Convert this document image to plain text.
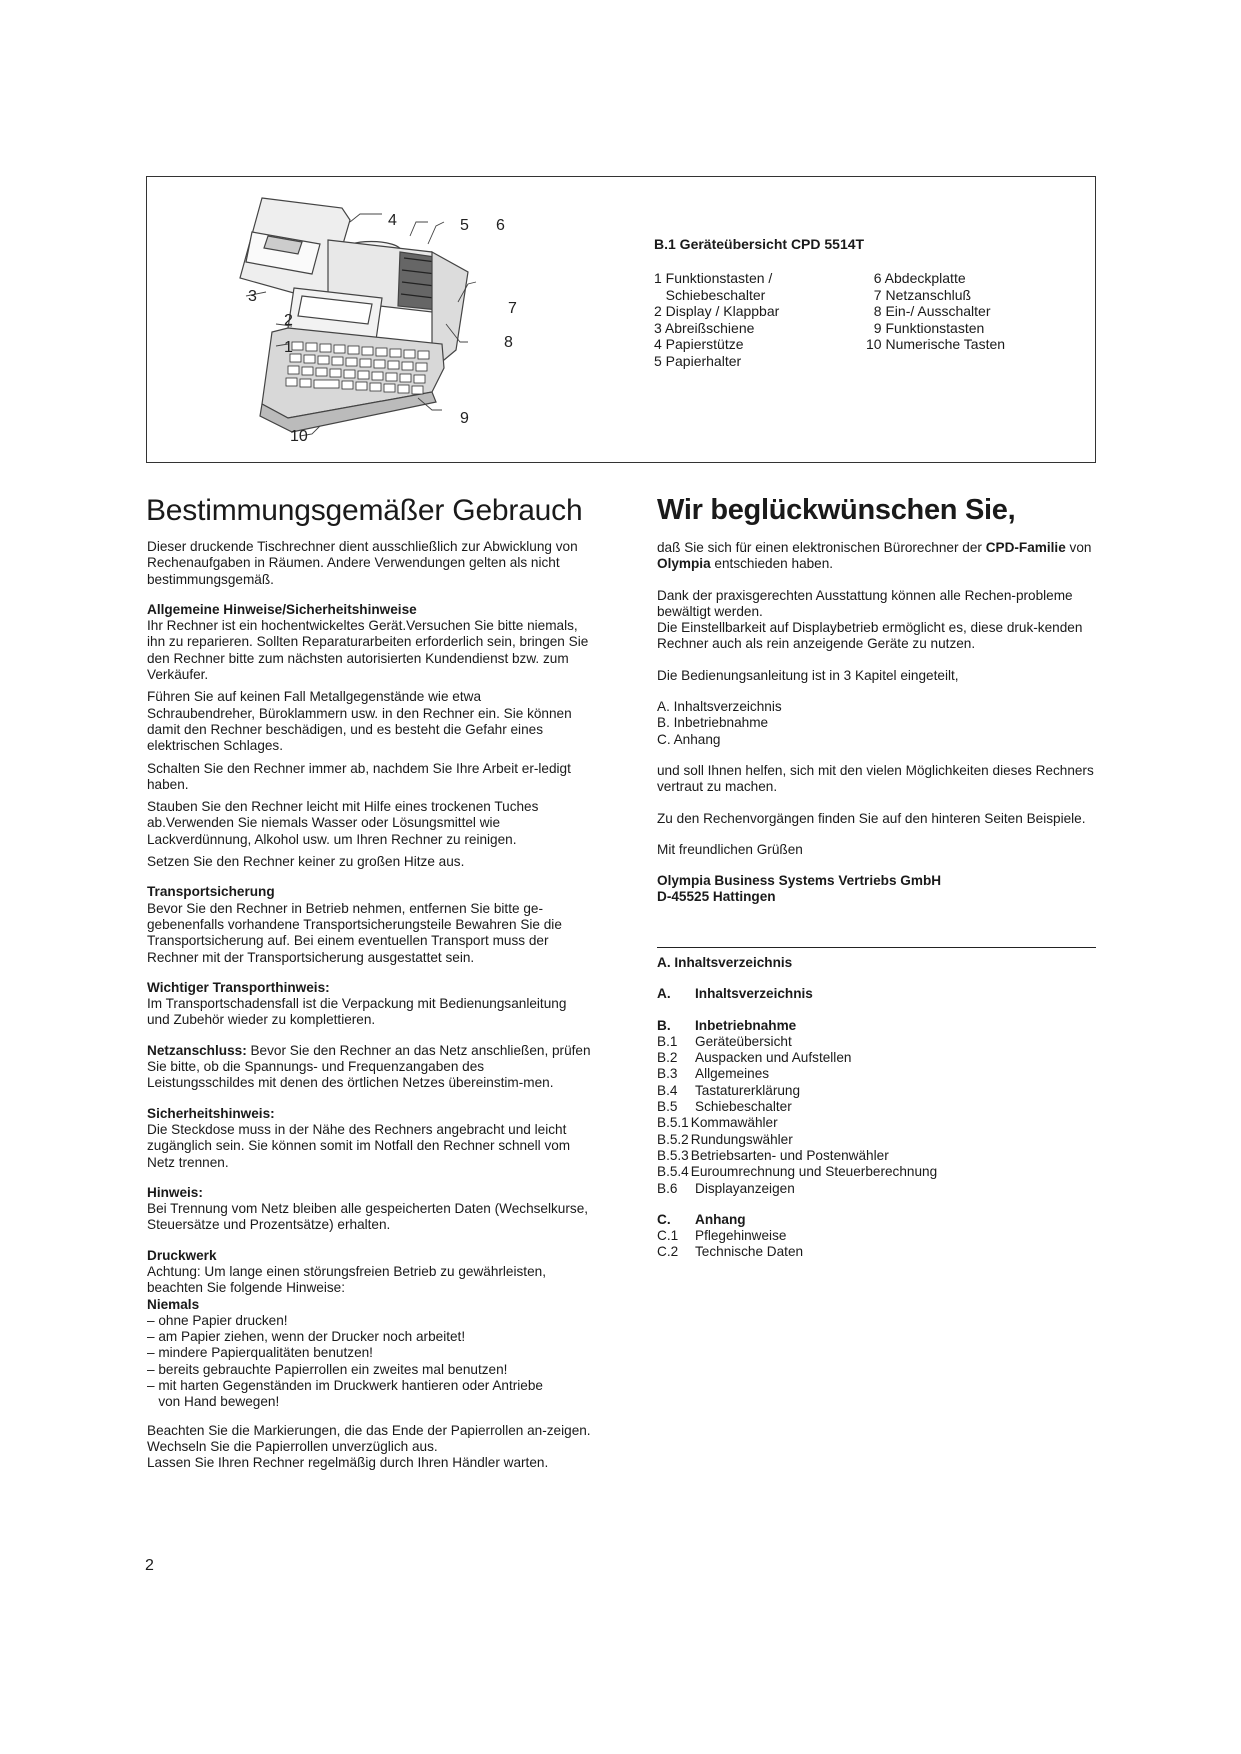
4	5 6
7
8
3
2
1
9
10
B.1 Geräteübersicht CPD 5514T
1 Funktionstasten /
Schiebeschalter
2 Display / Klappbar
3 Abreißschiene
4 Papierstütze
5 Papierhalter
6 Abdeckplatte
7 Netzanschluß
8 Ein-/ Ausschalter
9 Funktionstasten
10 Numerische Tasten
Bestimmungsgemäßer Gebrauch

Dieser druckende Tischrechner dient ausschließlich zur Abwicklung von Rechenaufgaben in Räumen. Andere Verwendungen gelten als nicht bestimmungsgemäß.

Allgemeine Hinweise/Sicherheitshinweise

Ihr Rechner ist ein hochentwickeltes Gerät.Versuchen Sie bitte niemals, ihn zu reparieren. Sollten Reparaturarbeiten erforderlich sein, bringen Sie den Rechner bitte zum nächsten autorisierten Kundendienst bzw. zum Verkäufer.

Führen Sie auf keinen Fall Metallgegenstände wie etwa Schraubendreher, Büroklammern usw. in den Rechner ein. Sie können damit den Rechner beschädigen, und es besteht die Gefahr eines elektrischen Schlages.

Schalten Sie den Rechner immer ab, nachdem Sie Ihre Arbeit er-ledigt haben.

Stauben Sie den Rechner leicht mit Hilfe eines trockenen Tuches ab.Verwenden Sie niemals Wasser oder Lösungsmittel wie Lackverdünnung, Alkohol usw. um Ihren Rechner zu reinigen.

Setzen Sie den Rechner keiner zu großen Hitze aus.

Transportsicherung

Bevor Sie den Rechner in Betrieb nehmen, entfernen Sie bitte ge-gebenenfalls vorhandene Transportsicherungsteile Bewahren Sie die Transportsicherung auf. Bei einem eventuellen Transport muss der Rechner mit der Transportsicherung ausgestattet sein.

Wichtiger Transporthinweis:

Im Transportschadensfall ist die Verpackung mit Bedienungsanleitung und Zubehör wieder zu komplettieren.

Netzanschluss: Bevor Sie den Rechner an das Netz anschließen, prüfen Sie bitte, ob die Spannungs- und Frequenzangaben des Leistungsschildes mit denen des örtlichen Netzes übereinstim-men.

Sicherheitshinweis:

Die Steckdose muss in der Nähe des Rechners angebracht und leicht zugänglich sein. Sie können somit im Notfall den Rechner schnell vom Netz trennen.

Hinweis:

Bei Trennung vom Netz bleiben alle gespeicherten Daten (Wechselkurse, Steuersätze und Prozentsätze) erhalten.

Druckwerk

Achtung: Um lange einen störungsfreien Betrieb zu gewährleisten, beachten Sie folgende Hinweise:

Niemals

– ohne Papier drucken!

– am Papier ziehen, wenn der Drucker noch arbeitet!

– mindere Papierqualitäten benutzen!

– bereits gebrauchte Papierrollen ein zweites mal benutzen!

– mit harten Gegenständen im Druckwerk hantieren oder Antriebe

von Hand bewegen!

Beachten Sie die Markierungen, die das Ende der Papierrollen an-zeigen.

Wechseln Sie die Papierrollen unverzüglich aus.

Lassen Sie Ihren Rechner regelmäßig durch Ihren Händler warten.

Wir beglückwünschen Sie,

daß Sie sich für einen elektronischen Bürorechner der CPD-Familie von Olympia entschieden haben.

Dank der praxisgerechten Ausstattung können alle Rechen-probleme bewältigt werden.

Die Einstellbarkeit auf Displaybetrieb ermöglicht es, diese druk-kenden Rechner auch als rein anzeigende Geräte zu nutzen.

Die Bedienungsanleitung ist in 3 Kapitel eingeteilt,

A. Inhaltsverzeichnis

B. Inbetriebnahme

C. Anhang

und soll Ihnen helfen, sich mit den vielen Möglichkeiten dieses Rechners vertraut zu machen.

Zu den Rechenvorgängen finden Sie auf den hinteren Seiten Beispiele.

Mit freundlichen Grüßen

Olympia Business Systems Vertriebs GmbH

D-45525 Hattingen

A. Inhaltsverzeichnis

A.	Inhaltsverzeichnis
B.	Inbetriebnahme
B.1	Geräteübersicht
B.2	Auspacken und Aufstellen
B.3	Allgemeines
B.4	Tastaturerklärung
B.5	Schiebeschalter
B.5.1 Kommawähler
B.5.2 Rundungswähler
B.5.3 Betriebsarten- und Postenwähler
B.5.4 Euroumrechnung und Steuerberechnung
B.6	Displayanzeigen
C.	Anhang
C.1	Pflegehinweise
C.2	Technische Daten
2
